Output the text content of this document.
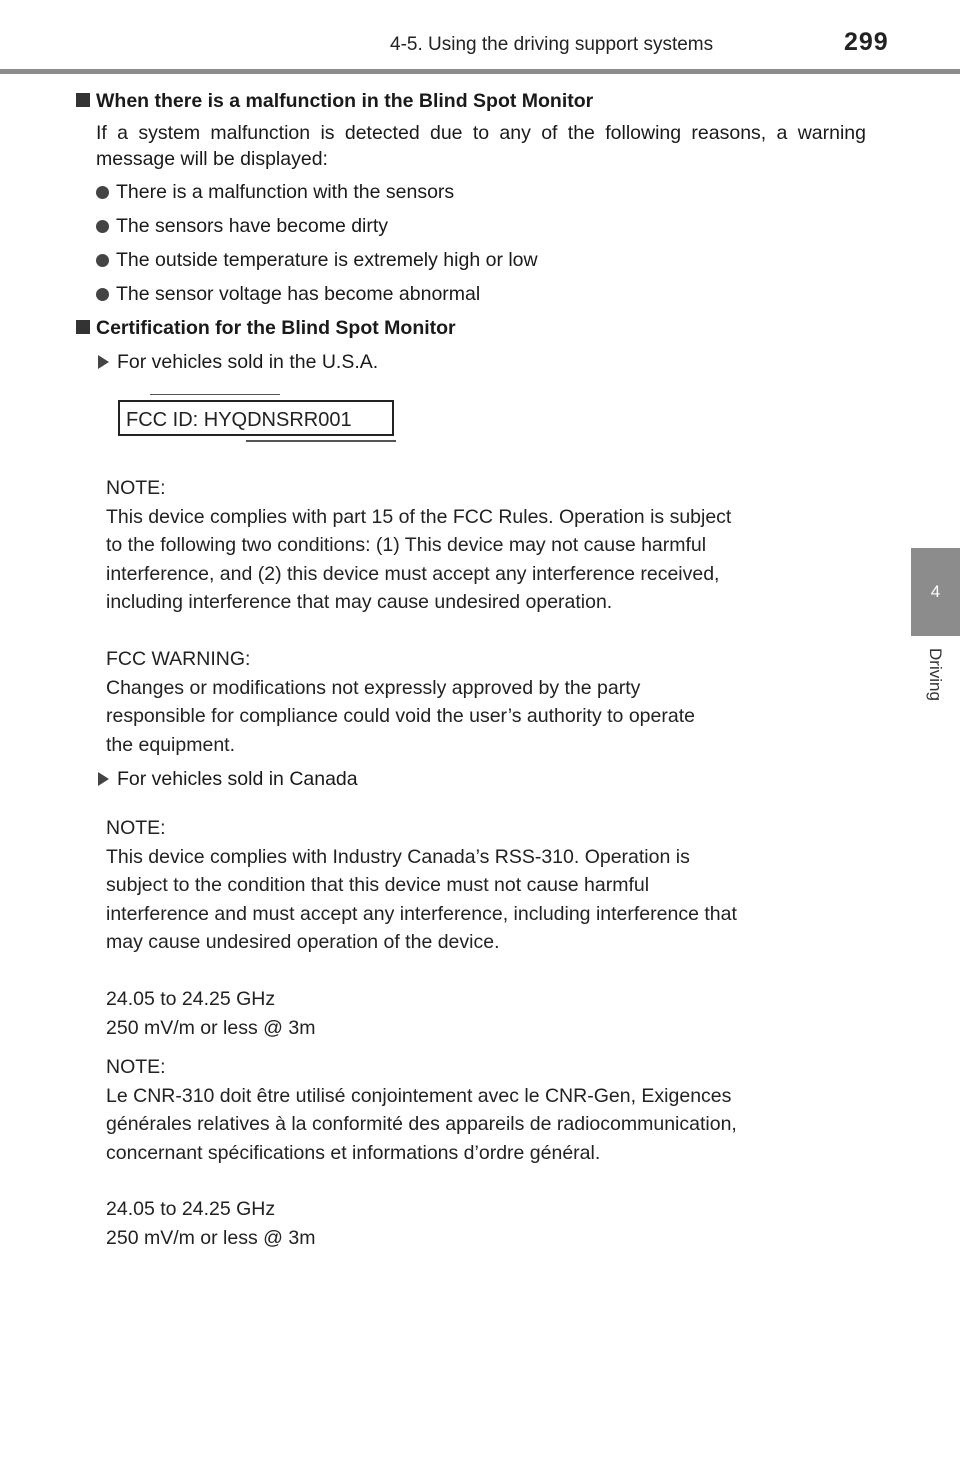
4-5. Using the driving support systems	299
4
Driving

When there is a malfunction in the Blind Spot Monitor

If a system malfunction is detected due to any of the following reasons, a warning message will be displayed:

There is a malfunction with the sensors
The sensors have become dirty
The outside temperature is extremely high or low
The sensor voltage has become abnormal

Certification for the Blind Spot Monitor

For vehicles sold in the U.S.A.
FCC ID: HYQDNSRR001

NOTE:

This device complies with part 15 of the FCC Rules. Operation is subject

to the following two conditions: (1) This device may not cause harmful

interference, and (2) this device must accept any interference received,

including interference that may cause undesired operation.

FCC WARNING:

Changes or modifications not expressly approved by the party

responsible for compliance could void the user’s authority to operate

the equipment.

For vehicles sold in Canada

NOTE:

This device complies with Industry Canada’s RSS-310. Operation is

subject to the condition that this device must not cause harmful

interference and must accept any interference, including interference that

may cause undesired operation of the device.

24.05 to 24.25 GHz

250 mV/m or less @ 3m

NOTE:

Le CNR-310 doit être utilisé conjointement avec le CNR-Gen, Exigences

générales relatives à la conformité des appareils de radiocommunication,

concernant spécifications et informations d’ordre général.

24.05 to 24.25 GHz

250 mV/m or less @ 3m
